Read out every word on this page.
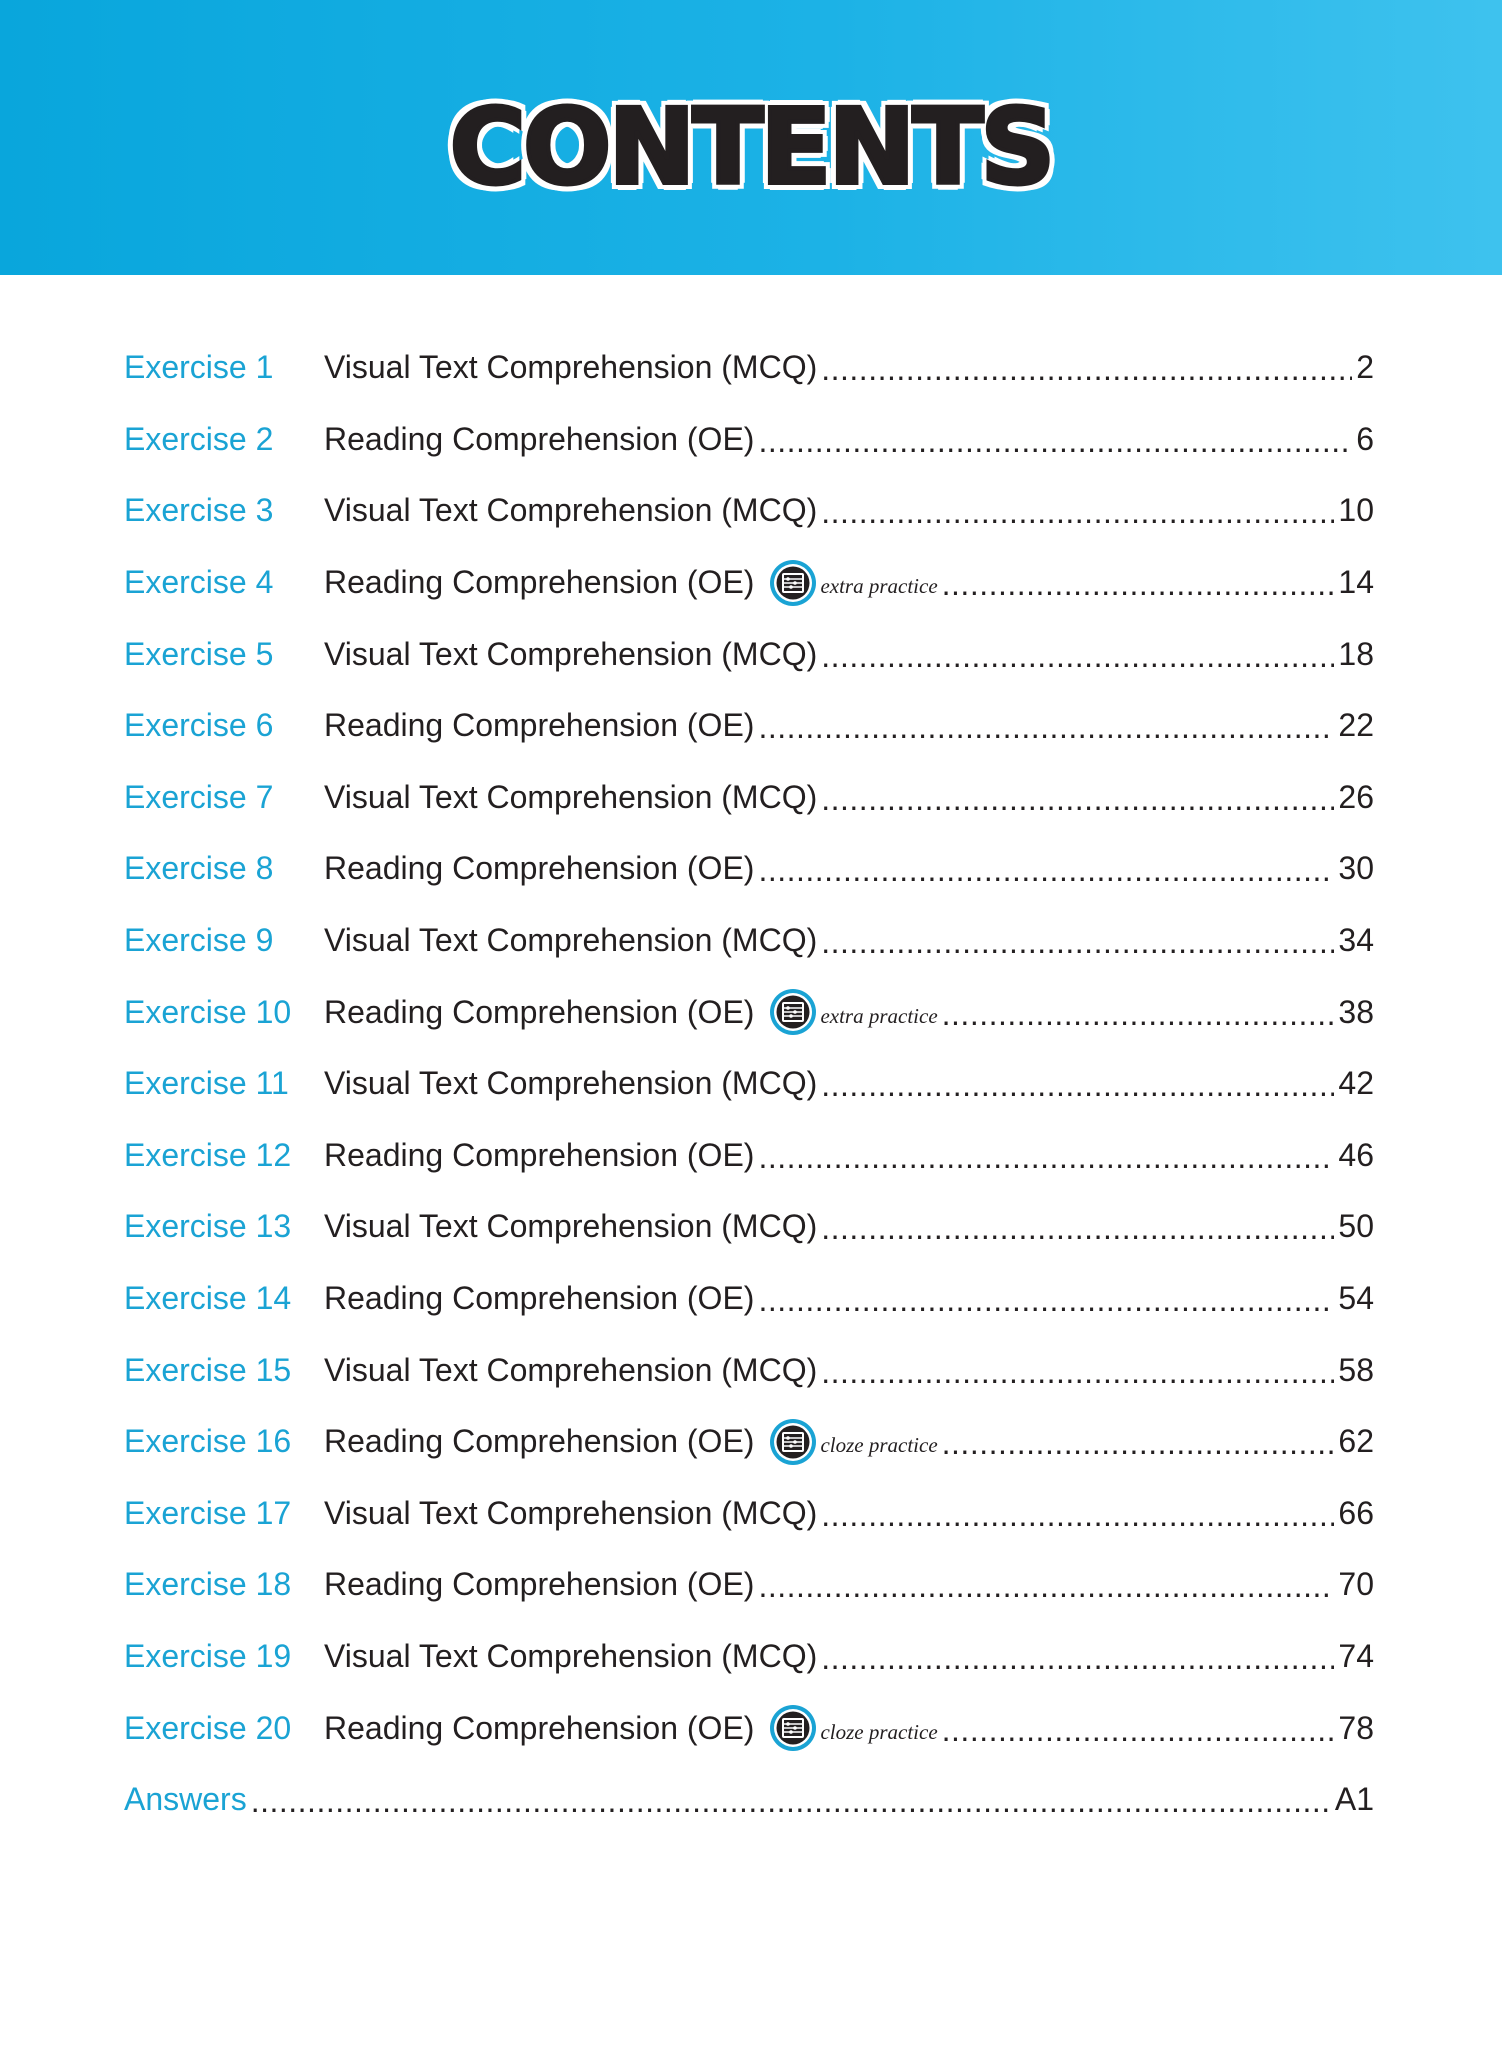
CONTENTS
Exercise 1	Visual Text Comprehension (MCQ) .....	2
Exercise 2	Reading Comprehension (OE) .....	6
Exercise 3	Visual Text Comprehension (MCQ) .....	10
Exercise 4	Reading Comprehension (OE)	extra practice .....	14
Exercise 5	Visual Text Comprehension (MCQ) .....	18
Exercise 6	Reading Comprehension (OE) .....	22
Exercise 7	Visual Text Comprehension (MCQ) .....	26
Exercise 8	Reading Comprehension (OE) .....	30
Exercise 9	Visual Text Comprehension (MCQ) .....	34
Exercise 10	Reading Comprehension (OE)	extra practice .....	38
Exercise 11	Visual Text Comprehension (MCQ) .....	42
Exercise 12	Reading Comprehension (OE) .....	46
Exercise 13	Visual Text Comprehension (MCQ) .....	50
Exercise 14	Reading Comprehension (OE) .....	54
Exercise 15	Visual Text Comprehension (MCQ) .....	58
Exercise 16	Reading Comprehension (OE)	cloze practice .....	62
Exercise 17	Visual Text Comprehension (MCQ) .....	66
Exercise 18	Reading Comprehension (OE) .....	70
Exercise 19	Visual Text Comprehension (MCQ) .....	74
Exercise 20	Reading Comprehension (OE)	cloze practice .....	78
Answers .....	A1
